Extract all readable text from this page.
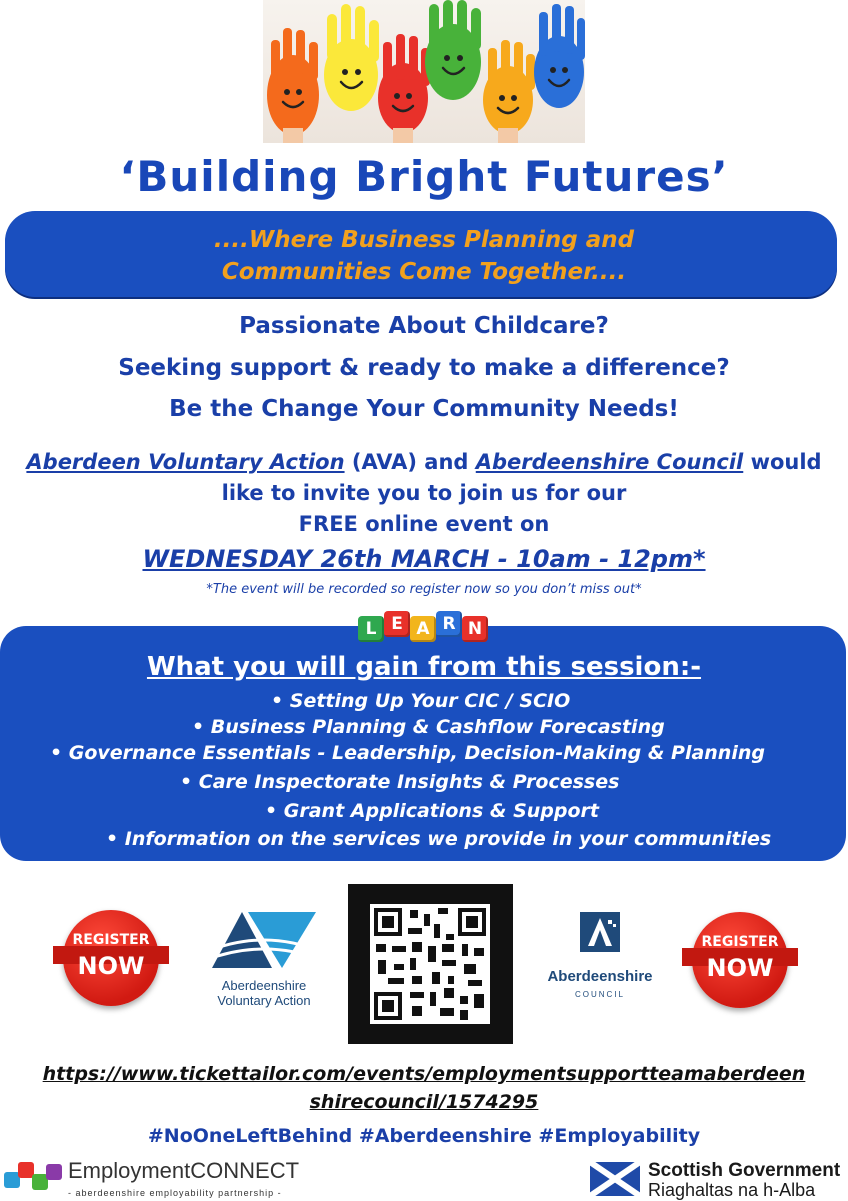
‘Building Bright Futures’
....Where Business Planning and
Communities Come Together....
Passionate About Childcare?
Seeking support & ready to make a difference?
Be the Change Your Community Needs!
Aberdeen Voluntary Action (AVA) and Aberdeenshire Council would
like to invite you to join us for our
FREE online event on
WEDNESDAY 26th MARCH - 10am - 12pm*
*The event will be recorded so register now so you don’t miss out*
L E A R N
What you will gain from this session:-
• Setting Up Your CIC / SCIO
• Business Planning & Cashflow Forecasting
• Governance Essentials - Leadership, Decision-Making & Planning
• Care Inspectorate Insights & Processes
• Grant Applications & Support
• Information on the services we provide in your communities
REGISTER
NOW
Aberdeenshire
Voluntary Action
Aberdeenshire
COUNCIL
REGISTER
NOW
https://www.tickettailor.com/events/employmentsupportteamaberdeen
shirecouncil/1574295
#NoOneLeftBehind #Aberdeenshire #Employability
EmploymentCONNECT
- aberdeenshire employability partnership -
Scottish Government
Riaghaltas na h-Alba
